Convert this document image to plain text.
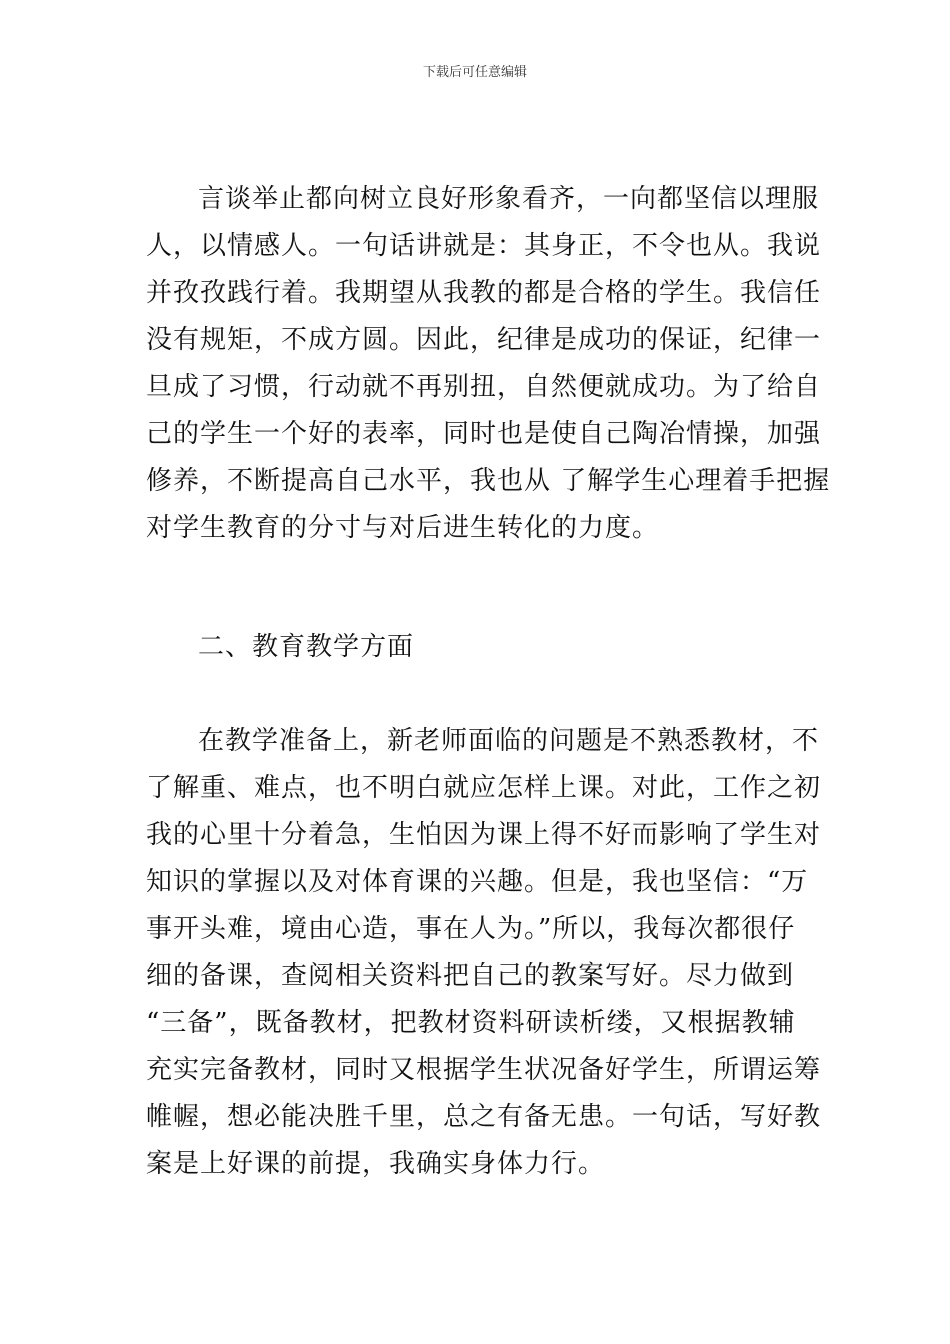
下载后可任意编辑
言谈举止都向树立良好形象看齐，一向都坚信以理服
人，以情感人。一句话讲就是：其身正，不令也从。我说
并孜孜践行着。我期望从我教的都是合格的学生。我信任
没有规矩，不成方圆。因此，纪律是成功的保证，纪律一
旦成了习惯，行动就不再别扭，自然便就成功。为了给自
己的学生一个好的表率，同时也是使自己陶冶情操，加强
修养，不断提高自己水平，我也从 了解学生心理着手把握
对学生教育的分寸与对后进生转化的力度。
二、教育教学方面
在教学准备上，新老师面临的问题是不熟悉教材，不
了解重、难点，也不明白就应怎样上课。对此，工作之初
我的心里十分着急，生怕因为课上得不好而影响了学生对
知识的掌握以及对体育课的兴趣。但是，我也坚信：“万
事开头难，境由心造，事在人为。”所以，我每次都很仔
细的备课，查阅相关资料把自己的教案写好。尽力做到
“三备”，既备教材，把教材资料研读析缕，又根据教辅
充实完备教材，同时又根据学生状况备好学生，所谓运筹
帷幄，想必能决胜千里，总之有备无患。一句话，写好教
案是上好课的前提，我确实身体力行。
